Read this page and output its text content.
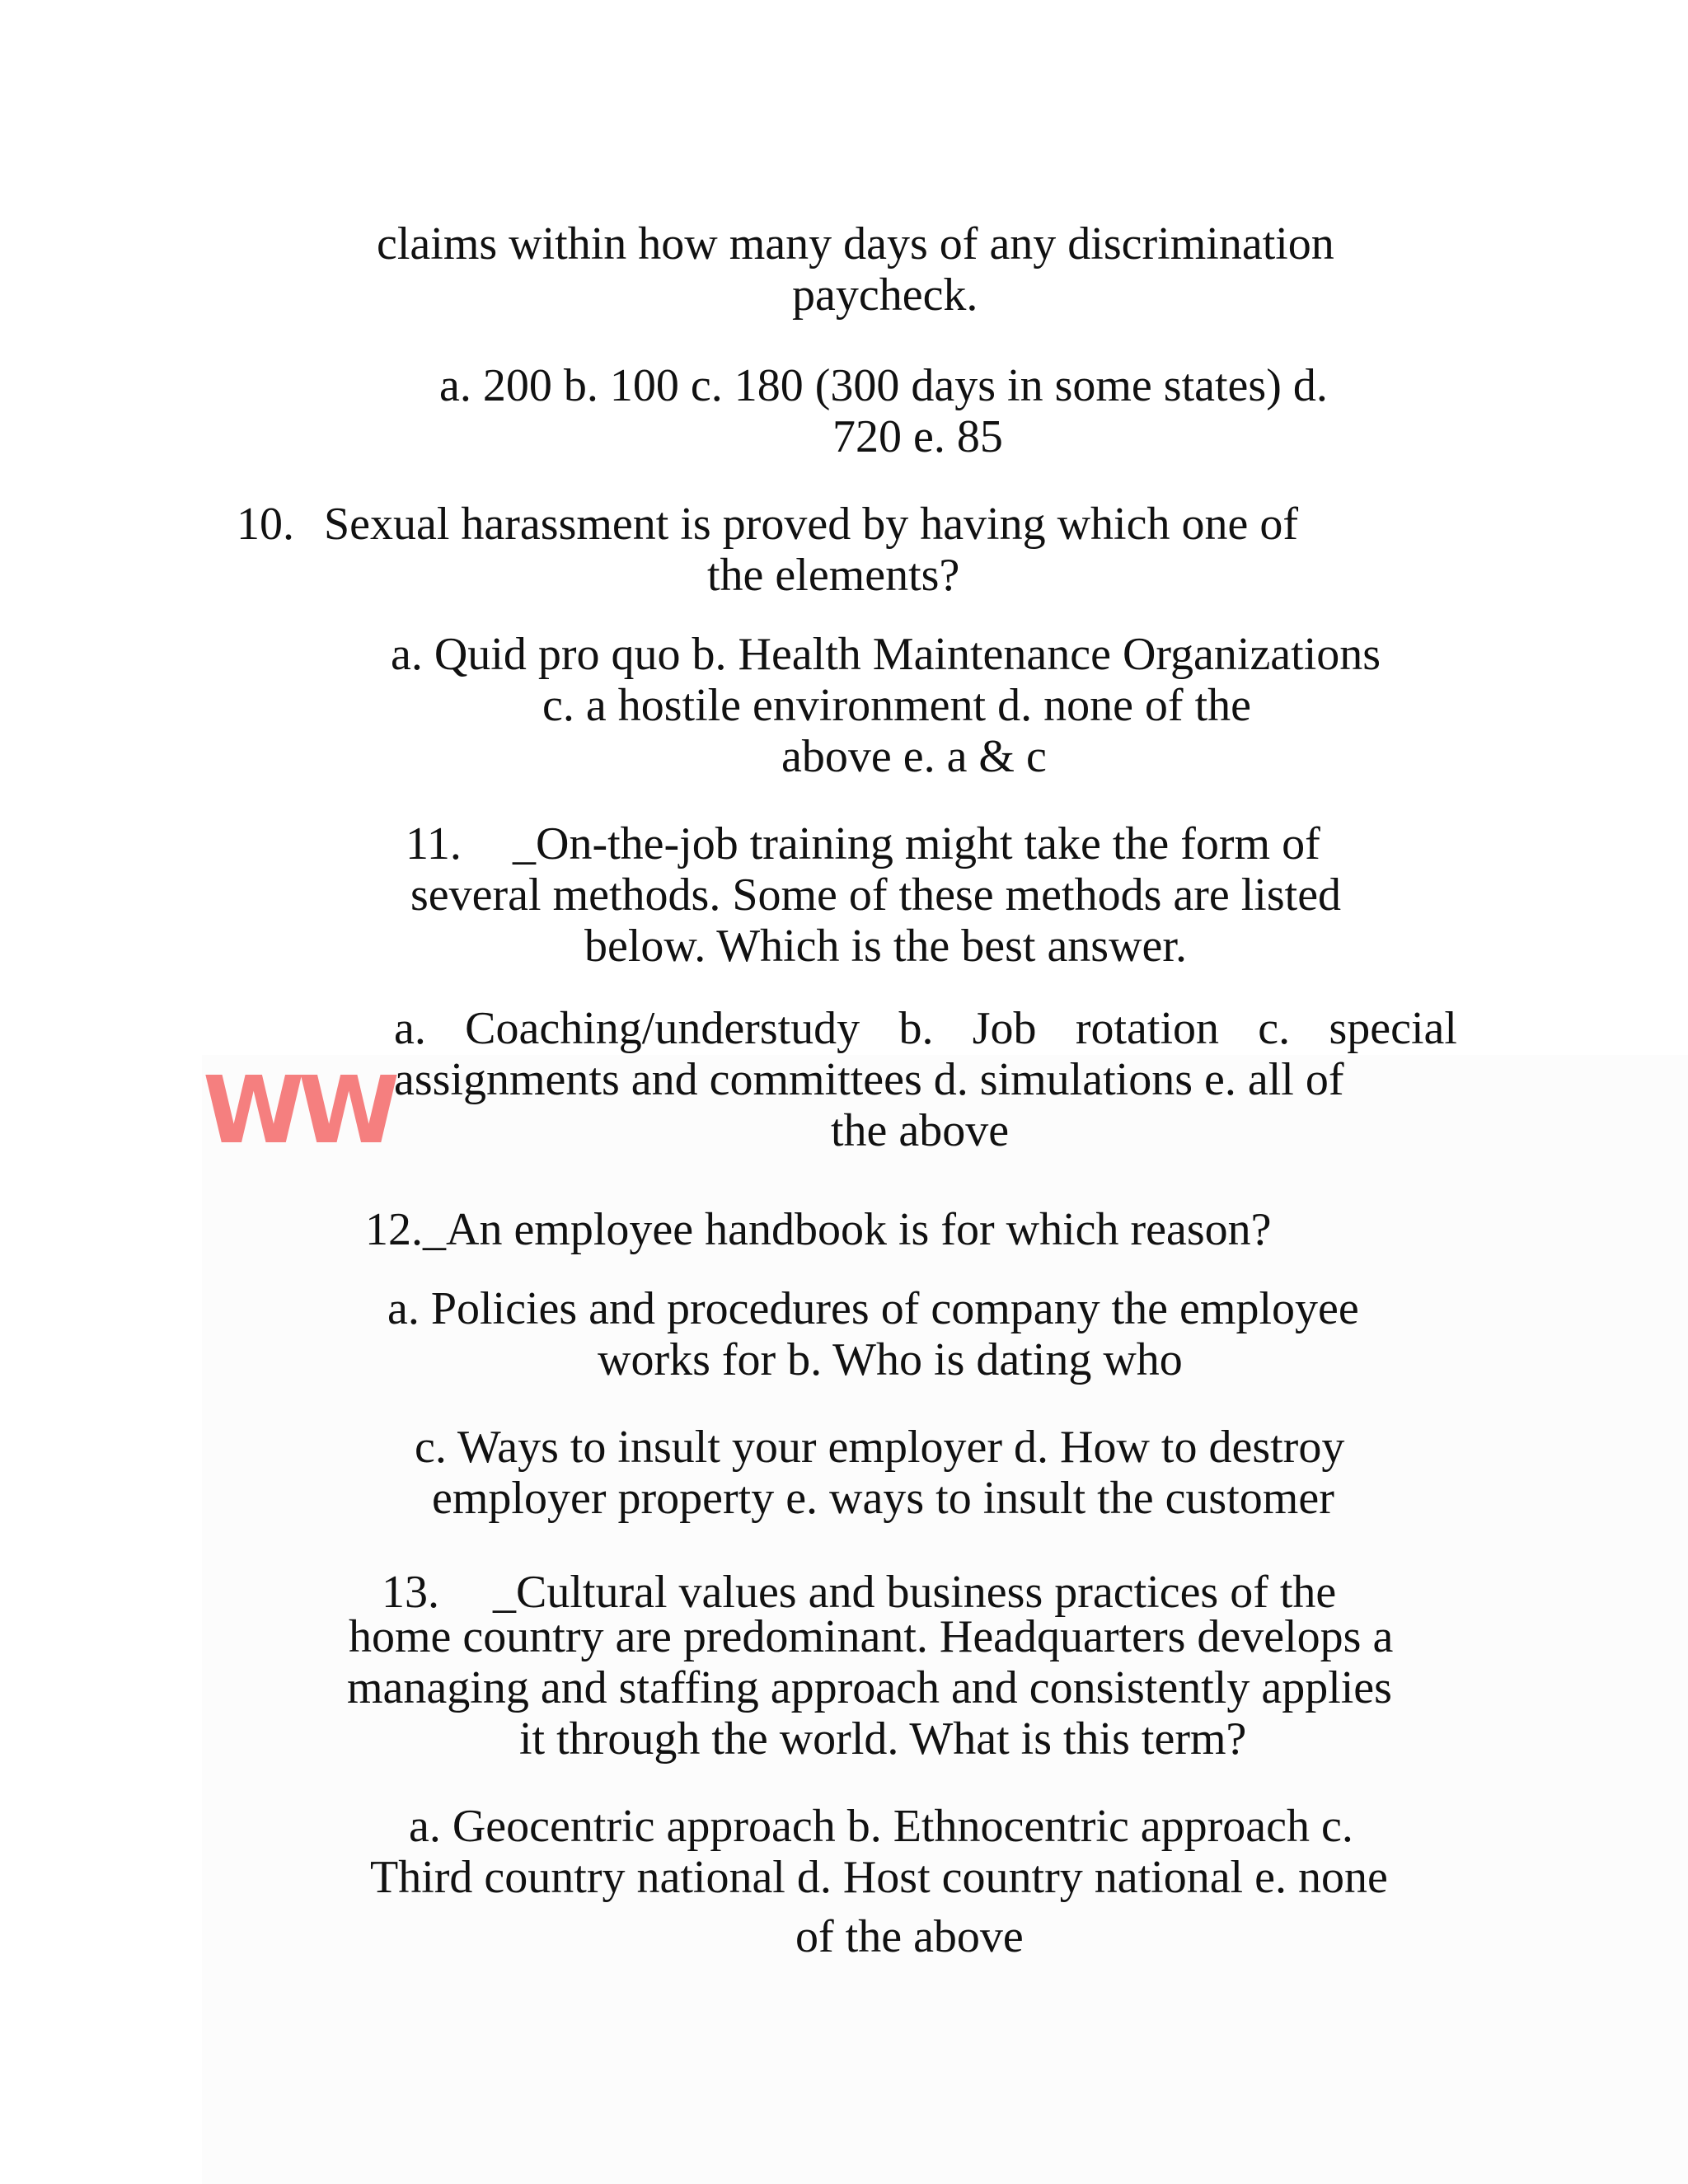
claims within how many days of any discrimination

paycheck.

a. 200 b. 100 c. 180 (300 days in some states) d.

720 e. 85

10. Sexual harassment is proved by having which one of

the elements?

a. Quid pro quo b. Health Maintenance Organizations

c. a hostile environment d. none of the

above e. a & c

11.	_On-the-job training might take the form of

several methods. Some of these methods are listed

below. Which is the best answer.

a. Coaching/understudy b. Job rotation c. special

assignments and committees d. simulations e. all of

the above

WW

12._An employee handbook is for which reason?

a. Policies and procedures of company the employee

works for b. Who is dating who

c. Ways to insult your employer d. How to destroy

employer property e. ways to insult the customer

13.	_Cultural values and business practices of the

home country are predominant. Headquarters develops a

managing and staffing approach and consistently applies

it through the world. What is this term?

a. Geocentric approach b. Ethnocentric approach c.

Third country national d. Host country national e. none

of the above
